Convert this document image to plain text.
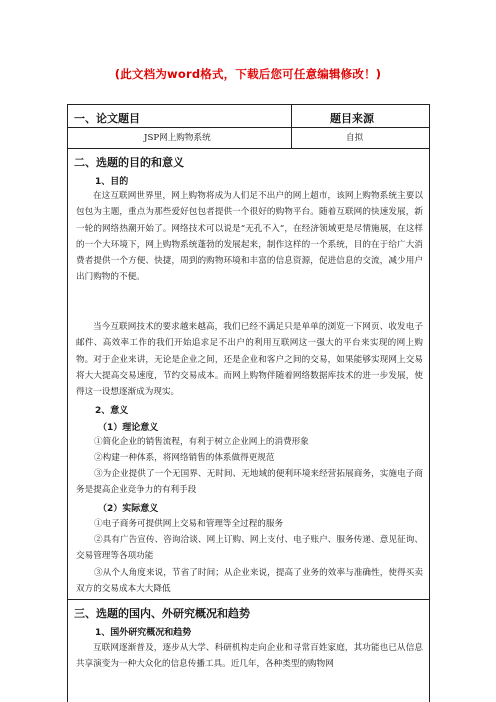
(此文档为word格式，下载后您可任意编辑修改！)
一、论文题目	题目来源
JSP网上购物系统	自拟
二、选题的目的和意义
1、目的

在这互联网世界里，网上购物将成为人们足不出户的网上超市，该网上购物系统主要以包包为主题，重点为那些爱好包包者提供一个很好的购物平台。随着互联网的快速发展，新一轮的网络热潮开始了。网络技术可以说是“无孔不入”，在经济领域更是尽情施展，在这样的一个大环境下，网上购物系统蓬勃的发展起来，制作这样的一个系统，目的在于给广大消费者提供一个方便、快捷，周到的购物环境和丰富的信息资源，促进信息的交流，减少用户出门购物的不便。

当今互联网技术的要求越来越高，我们已经不满足只是单单的浏览一下网页、收发电子邮件、高效率工作的我们开始追求足不出户的利用互联网这一强大的平台来实现的网上购物。对于企业来讲，无论是企业之间，还是企业和客户之间的交易，如果能够实现网上交易将大大提高交易速度，节约交易成本。而网上购物伴随着网络数据库技术的进一步发展，使得这一设想逐渐成为现实。

2、意义
（1）理论意义
①简化企业的销售流程，有利于树立企业网上的消费形象
②构建一种体系，将网络销售的体系做得更规范

③为企业提供了一个无国界、无时间、无地域的便利环境来经营拓展商务，实施电子商务是提高企业竞争力的有利手段

（2）实际意义
①电子商务可提供网上交易和管理等全过程的服务

②具有广告宣传、咨询洽谈、网上订购、网上支付、电子账户、服务传递、意见征询、交易管理等各项功能

③从个人角度来说，节省了时间；从企业来说，提高了业务的效率与准确性，使得买卖双方的交易成本大大降低

三、选题的国内、外研究概况和趋势
1、国外研究概况和趋势

互联网逐渐普及，逐步从大学、科研机构走向企业和寻常百姓家庭，其功能也已从信息共享演变为一种大众化的信息传播工具。近几年，各种类型的购物网
